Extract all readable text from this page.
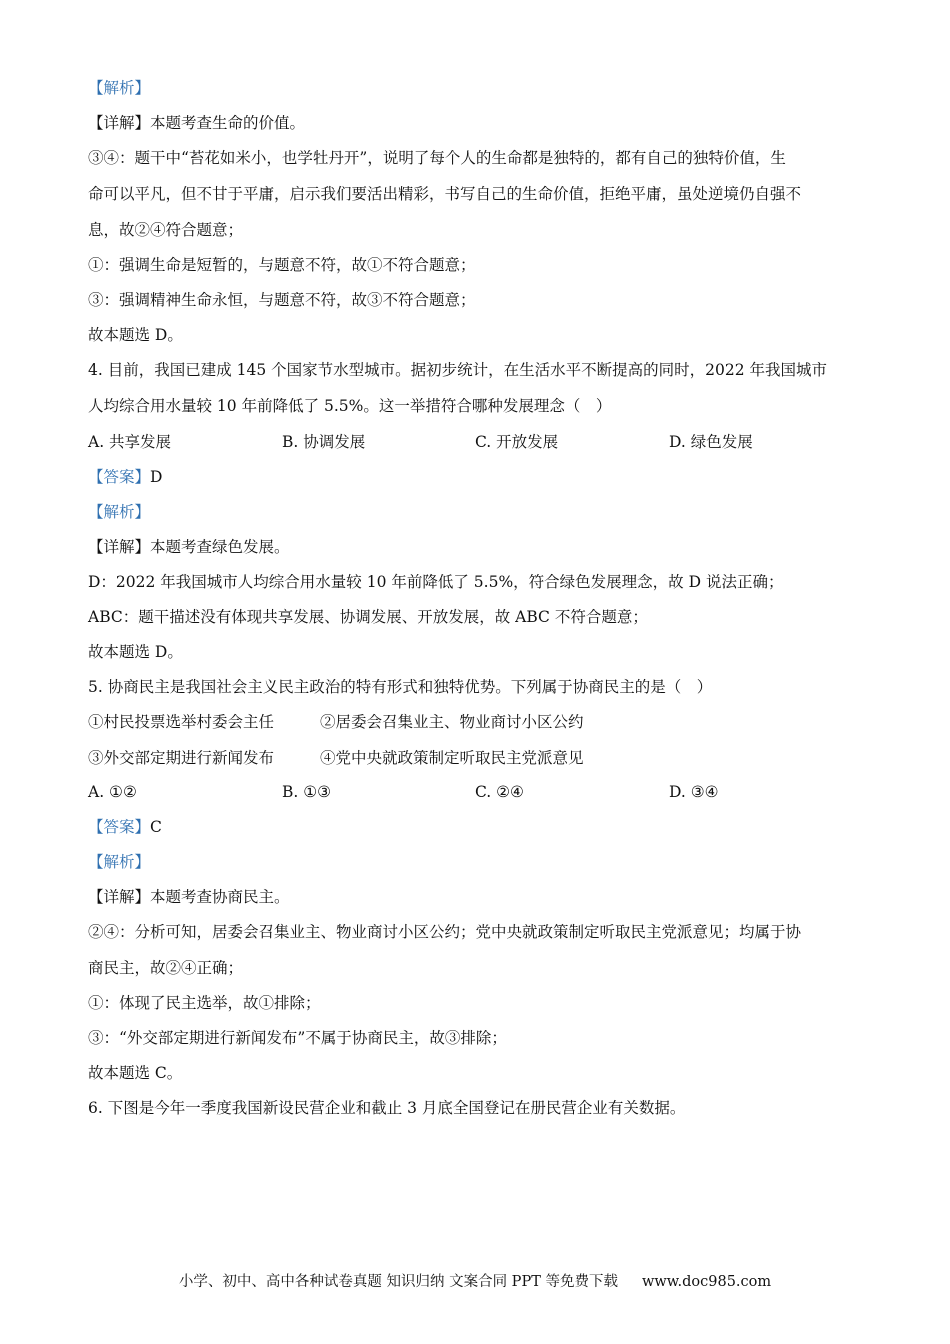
【解析】
【详解】本题考查生命的价值。
③④：题干中“苔花如米小，也学牡丹开”，说明了每个人的生命都是独特的，都有自己的独特价值，生
命可以平凡，但不甘于平庸，启示我们要活出精彩，书写自己的生命价值，拒绝平庸，虽处逆境仍自强不
息，故②④符合题意；
①：强调生命是短暂的，与题意不符，故①不符合题意；
③：强调精神生命永恒，与题意不符，故③不符合题意；
故本题选 D。
4. 目前，我国已建成 145 个国家节水型城市。据初步统计，在生活水平不断提高的同时，2022 年我国城市
人均综合用水量较 10 年前降低了 5.5%。这一举措符合哪种发展理念（　）
A. 共享发展	B. 协调发展	C. 开放发展	D. 绿色发展
【答案】D
【解析】
【详解】本题考查绿色发展。
D：2022 年我国城市人均综合用水量较 10 年前降低了 5.5%，符合绿色发展理念，故 D 说法正确；
ABC：题干描述没有体现共享发展、协调发展、开放发展，故 ABC 不符合题意；
故本题选 D。
5. 协商民主是我国社会主义民主政治的特有形式和独特优势。下列属于协商民主的是（　）
①村民投票选举村委会主任	②居委会召集业主、物业商讨小区公约
③外交部定期进行新闻发布	④党中央就政策制定听取民主党派意见
A. ①②	B. ①③	C. ②④	D. ③④
【答案】C
【解析】
【详解】本题考查协商民主。
②④：分析可知，居委会召集业主、物业商讨小区公约；党中央就政策制定听取民主党派意见；均属于协
商民主，故②④正确；
①：体现了民主选举，故①排除；
③：“外交部定期进行新闻发布”不属于协商民主，故③排除；
故本题选 C。
6. 下图是今年一季度我国新设民营企业和截止 3 月底全国登记在册民营企业有关数据。
小学、初中、高中各种试卷真题 知识归纳 文案合同 PPT 等免费下载 www.doc985.com
